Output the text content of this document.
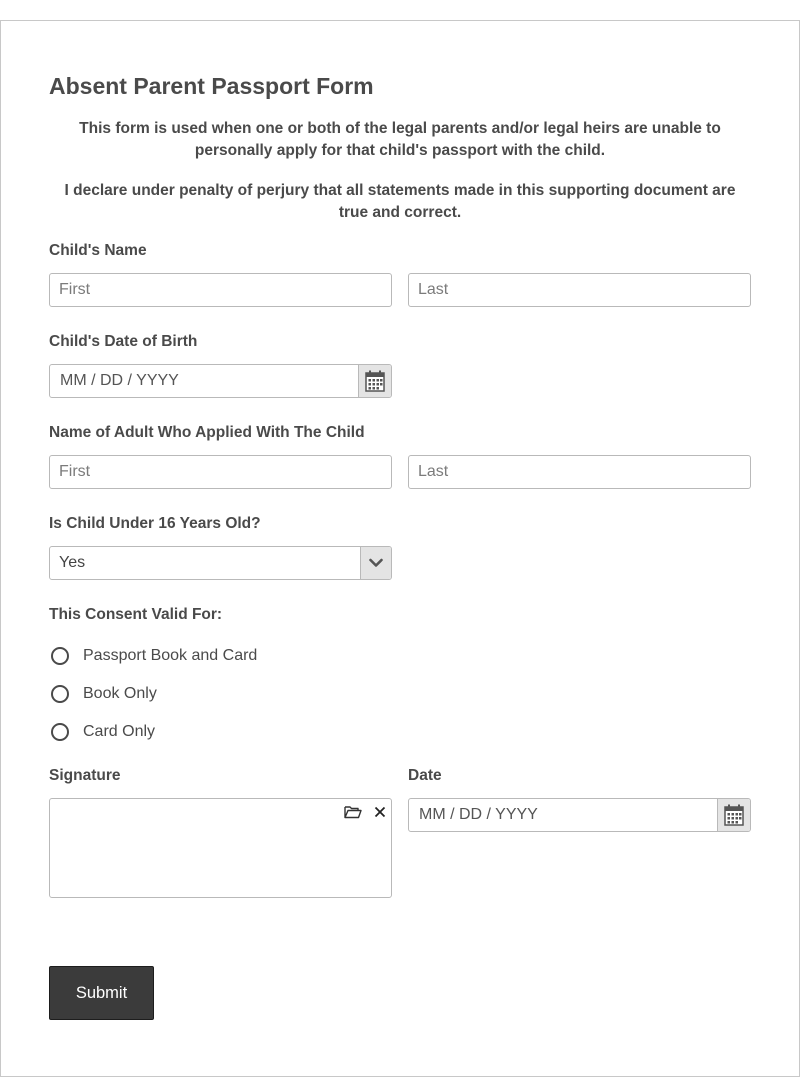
Absent Parent Passport Form

This form is used when one or both of the legal parents and/or legal heirs are unable to personally apply for that child's passport with the child.

I declare under penalty of perjury that all statements made in this supporting document are true and correct.

Child's Name
First
Last
Child's Date of Birth
MM / DD / YYYY
Name of Adult Who Applied With The Child
First
Last
Is Child Under 16 Years Old?
Yes
This Consent Valid For:
Passport Book and Card
Book Only
Card Only
Signature	Date
MM / DD / YYYY
Submit
